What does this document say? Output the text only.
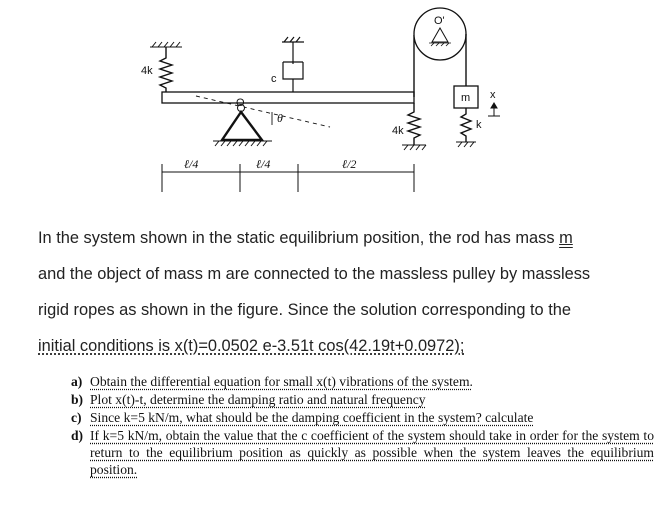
4k
c
θ
O
4k
O'
m
k
x
ℓ/4	ℓ/4	ℓ/2

In the system shown in the static equilibrium position, the rod has mass m

and the object of mass m are connected to the massless pulley by massless

rigid ropes as shown in the figure. Since the solution corresponding to the

initial conditions is x(t)=0.0502 e-3.51t cos(42.19t+0.0972);

a) Obtain the differential equation for small x(t) vibrations of the system.
b) Plot x(t)-t, determine the damping ratio and natural frequency
c) Since k=5 kN/m, what should be the damping coefficient in the system? calculate
d) If k=5 kN/m, obtain the value that the c coefficient of the system should take in order for the system to return to the equilibrium position as quickly as possible when the system leaves the equilibrium position.
